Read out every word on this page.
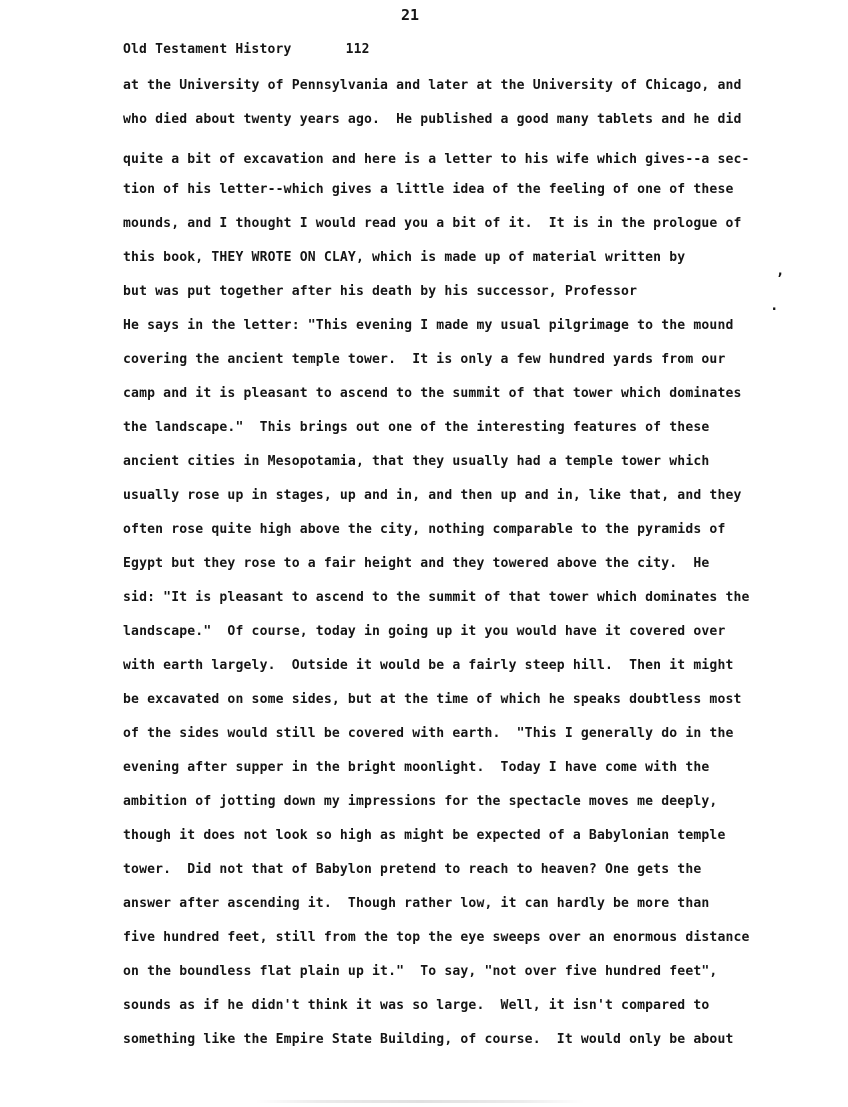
21
Old Testament History	112
at the University of Pennsylvania and later at the University of Chicago, and
who died about twenty years ago.  He published a good many tablets and he did
quite a bit of excavation and here is a letter to his wife which gives--a sec-
tion of his letter--which gives a little idea of the feeling of one of these
mounds, and I thought I would read you a bit of it.  It is in the prologue of
this book, THEY WROTE ON CLAY, which is made up of material written by
but was put together after his death by his successor, Professor
He says in the letter: "This evening I made my usual pilgrimage to the mound
covering the ancient temple tower.  It is only a few hundred yards from our
camp and it is pleasant to ascend to the summit of that tower which dominates
the landscape."  This brings out one of the interesting features of these
ancient cities in Mesopotamia, that they usually had a temple tower which
usually rose up in stages, up and in, and then up and in, like that, and they
often rose quite high above the city, nothing comparable to the pyramids of
Egypt but they rose to a fair height and they towered above the city.  He
sid: "It is pleasant to ascend to the summit of that tower which dominates the
landscape."  Of course, today in going up it you would have it covered over
with earth largely.  Outside it would be a fairly steep hill.  Then it might
be excavated on some sides, but at the time of which he speaks doubtless most
of the sides would still be covered with earth.  "This I generally do in the
evening after supper in the bright moonlight.  Today I have come with the
ambition of jotting down my impressions for the spectacle moves me deeply,
though it does not look so high as might be expected of a Babylonian temple
tower.  Did not that of Babylon pretend to reach to heaven? One gets the
answer after ascending it.  Though rather low, it can hardly be more than
five hundred feet, still from the top the eye sweeps over an enormous distance
on the boundless flat plain up it."  To say, "not over five hundred feet",
sounds as if he didn't think it was so large.  Well, it isn't compared to
something like the Empire State Building, of course.  It would only be about
,
.
